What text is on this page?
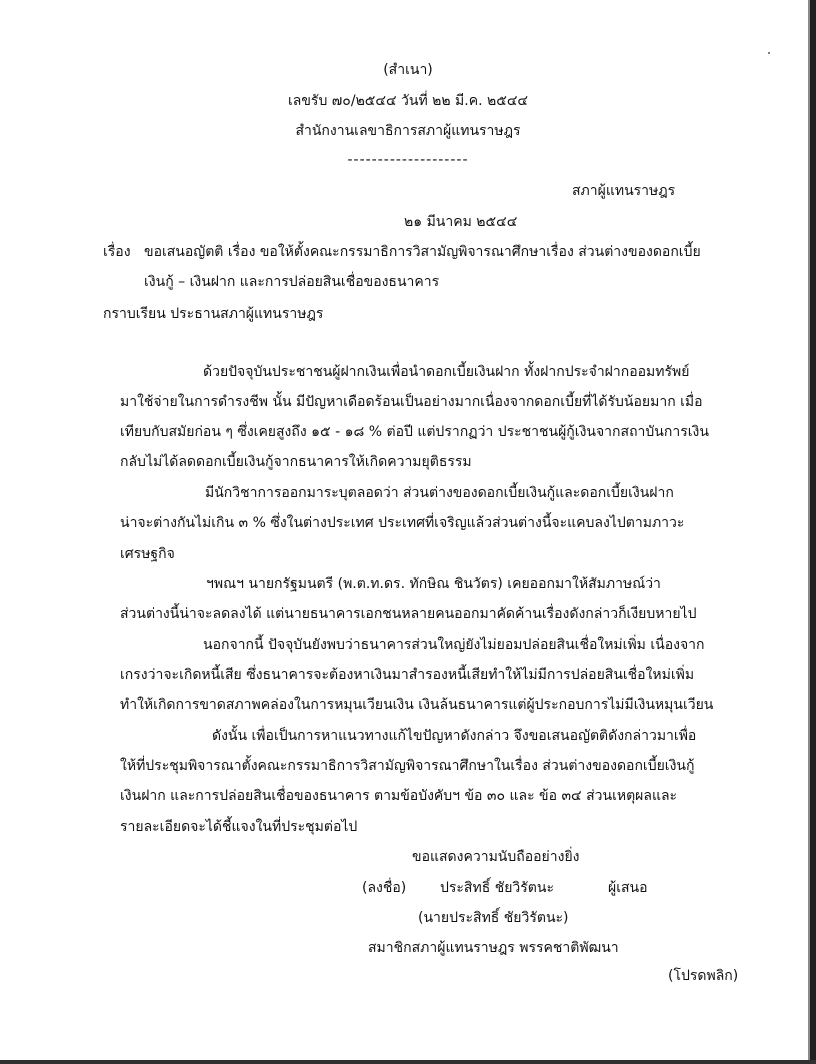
(สำเนา)
เลขรับ ๗๐/๒๕๔๔ วันที่ ๒๒ มี.ค. ๒๕๔๔
สำนักงานเลขาธิการสภาผู้แทนราษฎร
--------------------
สภาผู้แทนราษฎร
๒๑ มีนาคม ๒๕๔๔
เรื่อง ขอเสนอญัตติ เรื่อง ขอให้ตั้งคณะกรรมาธิการวิสามัญพิจารณาศึกษาเรื่อง ส่วนต่างของดอกเบี้ย
เงินกู้ – เงินฝาก และการปล่อยสินเชื่อของธนาคาร
กราบเรียน ประธานสภาผู้แทนราษฎร
ด้วยปัจจุบันประชาชนผู้ฝากเงินเพื่อนำดอกเบี้ยเงินฝาก ทั้งฝากประจำฝากออมทรัพย์
มาใช้จ่ายในการดำรงชีพ นั้น มีปัญหาเดือดร้อนเป็นอย่างมากเนื่องจากดอกเบี้ยที่ได้รับน้อยมาก เมื่อ
เทียบกับสมัยก่อน ๆ ซึ่งเคยสูงถึง ๑๕ - ๑๘ % ต่อปี แต่ปรากฏว่า ประชาชนผู้กู้เงินจากสถาบันการเงิน
กลับไม่ได้ลดดอกเบี้ยเงินกู้จากธนาคารให้เกิดความยุติธรรม
มีนักวิชาการออกมาระบุตลอดว่า ส่วนต่างของดอกเบี้ยเงินกู้และดอกเบี้ยเงินฝาก
น่าจะต่างกันไม่เกิน ๓ % ซึ่งในต่างประเทศ ประเทศที่เจริญแล้วส่วนต่างนี้จะแคบลงไปตามภาวะ
เศรษฐกิจ
ฯพณฯ นายกรัฐมนตรี (พ.ต.ท.ดร. ทักษิณ ชินวัตร) เคยออกมาให้สัมภาษณ์ว่า
ส่วนต่างนี้น่าจะลดลงได้ แต่นายธนาคารเอกชนหลายคนออกมาคัดค้านเรื่องดังกล่าวก็เงียบหายไป
นอกจากนี้ ปัจจุบันยังพบว่าธนาคารส่วนใหญ่ยังไม่ยอมปล่อยสินเชื่อใหม่เพิ่ม เนื่องจาก
เกรงว่าจะเกิดหนี้เสีย ซึ่งธนาคารจะต้องหาเงินมาสำรองหนี้เสียทำให้ไม่มีการปล่อยสินเชื่อใหม่เพิ่ม
ทำให้เกิดการขาดสภาพคล่องในการหมุนเวียนเงิน เงินล้นธนาคารแต่ผู้ประกอบการไม่มีเงินหมุนเวียน
ดังนั้น เพื่อเป็นการหาแนวทางแก้ไขปัญหาดังกล่าว จึงขอเสนอญัตติดังกล่าวมาเพื่อ
ให้ที่ประชุมพิจารณาตั้งคณะกรรมาธิการวิสามัญพิจารณาศึกษาในเรื่อง ส่วนต่างของดอกเบี้ยเงินกู้
เงินฝาก และการปล่อยสินเชื่อของธนาคาร ตามข้อบังคับฯ ข้อ ๓๐ และ ข้อ ๓๔ ส่วนเหตุผลและ
รายละเอียดจะได้ชี้แจงในที่ประชุมต่อไป
ขอแสดงความนับถืออย่างยิ่ง
(ลงชื่อ) ประสิทธิ์ ชัยวิรัตนะ	ผู้เสนอ
(นายประสิทธิ์ ชัยวิรัตนะ)
สมาชิกสภาผู้แทนราษฎร พรรคชาติพัฒนา
(โปรดพลิก)
